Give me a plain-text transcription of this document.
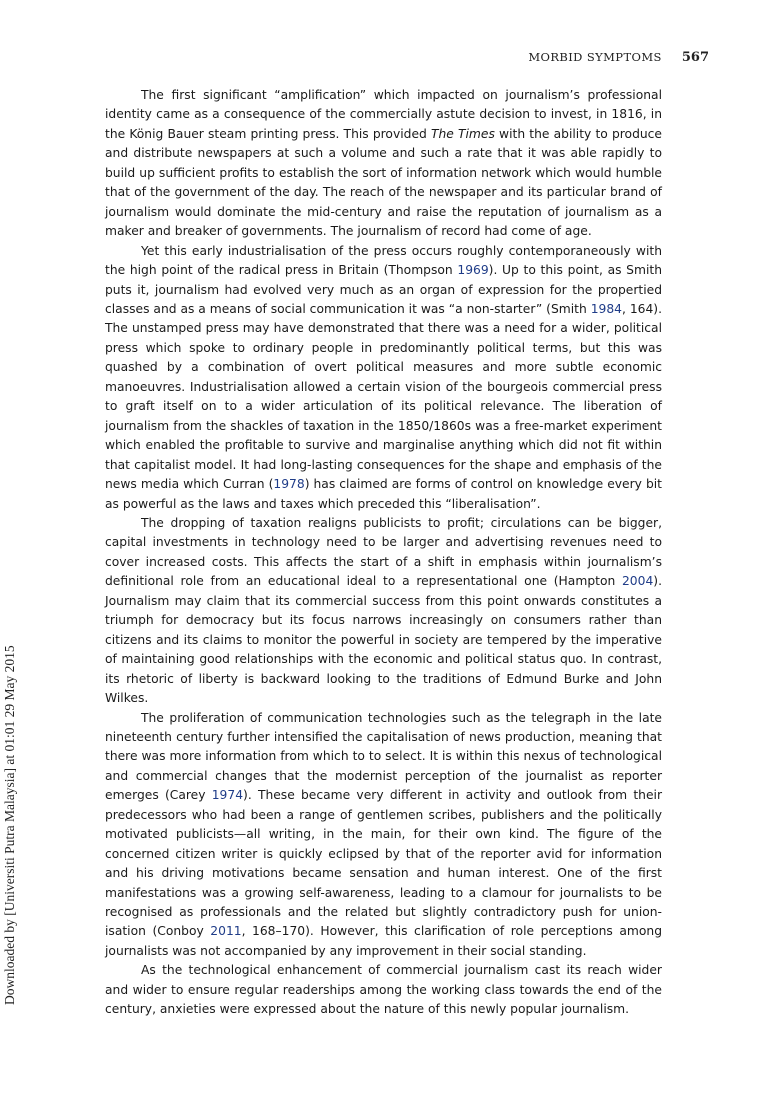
MORBID SYMPTOMS 567
Downloaded by [Universiti Putra Malaysia] at 01:01 29 May 2015

The first significant “amplification” which impacted on journalism’s professional identity came as a consequence of the commercially astute decision to invest, in 1816, in the König Bauer steam printing press. This provided The Times with the ability to produce and distribute newspapers at such a volume and such a rate that it was able rapidly to build up sufficient profits to establish the sort of information network which would humble that of the government of the day. The reach of the newspaper and its particular brand of journalism would dominate the mid-century and raise the reputation of journalism as a maker and breaker of governments. The journalism of record had come of age.

Yet this early industrialisation of the press occurs roughly contemporaneously with the high point of the radical press in Britain (Thompson 1969). Up to this point, as Smith puts it, journalism had evolved very much as an organ of expression for the propertied classes and as a means of social communication it was “a non-starter” (Smith 1984, 164). The unstamped press may have demonstrated that there was a need for a wider, political press which spoke to ordinary people in predominantly political terms, but this was quashed by a combination of overt political measures and more subtle economic manoeuvres. Industrialisation allowed a certain vision of the bourgeois commercial press to graft itself on to a wider articulation of its political relevance. The liberation of journalism from the shackles of taxation in the 1850/1860s was a free-market experiment which enabled the profitable to survive and marginalise anything which did not fit within that capitalist model. It had long-lasting consequences for the shape and emphasis of the news media which Curran (1978) has claimed are forms of control on knowledge every bit as powerful as the laws and taxes which preceded this “liberalisation”.

The dropping of taxation realigns publicists to profit; circulations can be bigger, capital investments in technology need to be larger and advertising revenues need to cover increased costs. This affects the start of a shift in emphasis within journalism’s definitional role from an educational ideal to a representational one (Hampton 2004). Journalism may claim that its commercial success from this point onwards constitutes a triumph for democracy but its focus narrows increasingly on consumers rather than citizens and its claims to monitor the powerful in society are tempered by the imperative of maintaining good relationships with the economic and political status quo. In contrast, its rhetoric of liberty is backward looking to the traditions of Edmund Burke and John Wilkes.

The proliferation of communication technologies such as the telegraph in the late nineteenth century further intensified the capitalisation of news production, meaning that there was more information from which to to select. It is within this nexus of technological and commercial changes that the modernist perception of the journalist as reporter emerges (Carey 1974). These became very different in activity and outlook from their predecessors who had been a range of gentlemen scribes, publishers and the politically motivated publicists—all writing, in the main, for their own kind. The figure of the concerned citizen writer is quickly eclipsed by that of the reporter avid for information and his driving motivations became sensation and human interest. One of the first manifestations was a growing self-awareness, leading to a clamour for journalists to be recognised as professionals and the related but slightly contradictory push for union-isation (Conboy 2011, 168–170). However, this clarification of role perceptions among journalists was not accompanied by any improvement in their social standing.

As the technological enhancement of commercial journalism cast its reach wider and wider to ensure regular readerships among the working class towards the end of the century, anxieties were expressed about the nature of this newly popular journalism.
